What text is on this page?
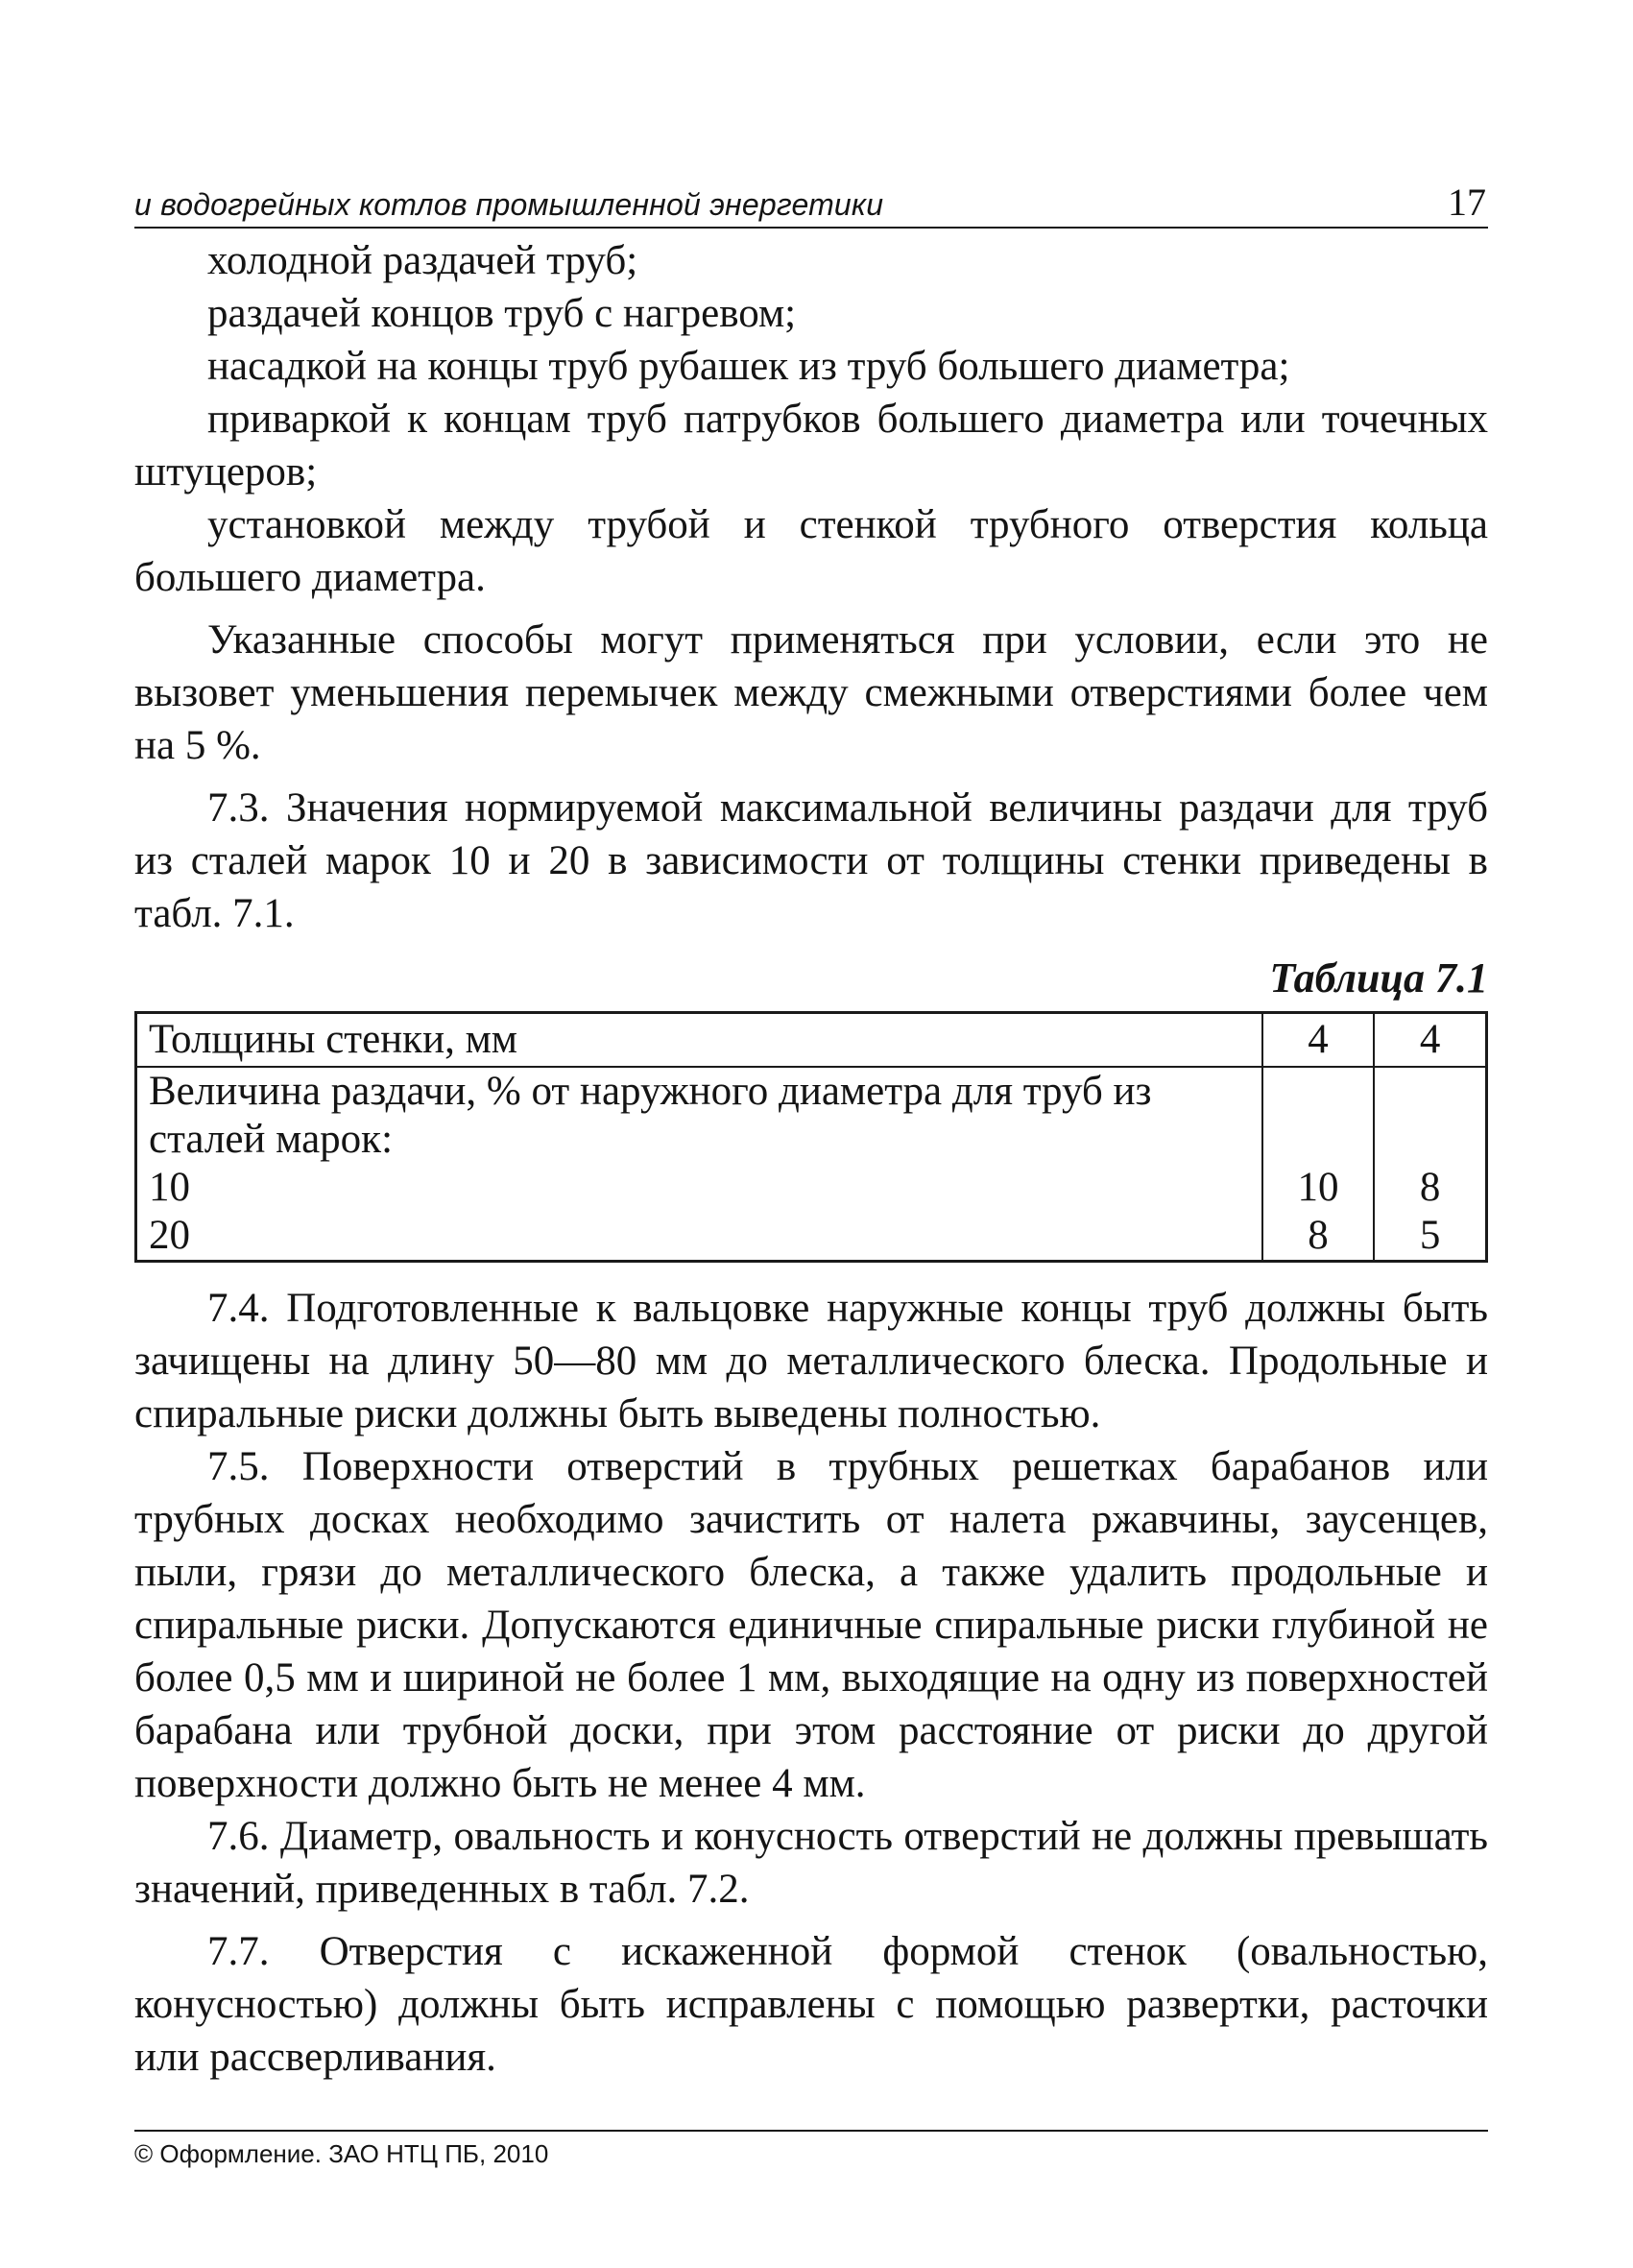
и водогрейных котлов промышленной энергетики	17

холодной раздачей труб;

раздачей концов труб с нагревом;

насадкой на концы труб рубашек из труб большего диаметра;

приваркой к концам труб патрубков большего диаметра или точечных штуцеров;

установкой между трубой и стенкой трубного отверстия кольца большего диаметра.

Указанные способы могут применяться при условии, если это не вызовет уменьшения перемычек между смежными отверстиями более чем на 5 %.

7.3. Значения нормируемой максимальной величины раздачи для труб из сталей марок 10 и 20 в зависимости от толщины стенки приведены в табл. 7.1.

Таблица 7.1
Толщины стенки, мм	4	4
Величина раздачи, % от наружного диаметра для труб из сталей марок:		
10	10	8
20	8	5

7.4. Подготовленные к вальцовке наружные концы труб должны быть зачищены на длину 50—80 мм до металлического блеска. Продольные и спиральные риски должны быть выведены полностью.

7.5. Поверхности отверстий в трубных решетках барабанов или трубных досках необходимо зачистить от налета ржавчины, заусенцев, пыли, грязи до металлического блеска, а также удалить продольные и спиральные риски. Допускаются единичные спиральные риски глубиной не более 0,5 мм и шириной не более 1 мм, выходящие на одну из поверхностей барабана или трубной доски, при этом расстояние от риски до другой поверхности должно быть не менее 4 мм.

7.6. Диаметр, овальность и конусность отверстий не должны превышать значений, приведенных в табл. 7.2.

7.7. Отверстия с искаженной формой стенок (овальностью, конусностью) должны быть исправлены с помощью развертки, расточки или рассверливания.

© Оформление. ЗАО НТЦ ПБ, 2010
